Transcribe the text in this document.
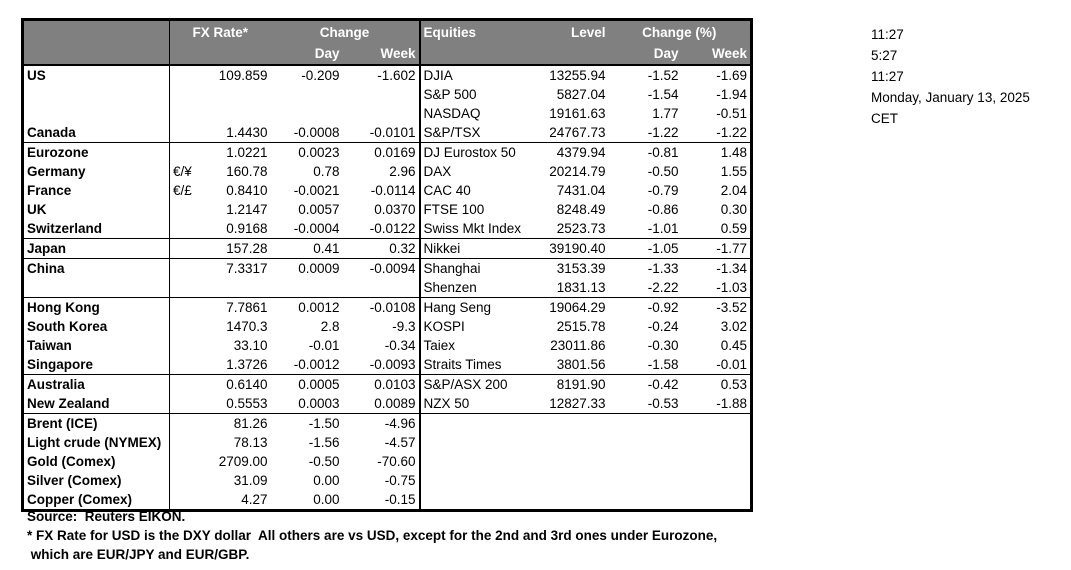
	FX Rate*		Change		Equities	Level	Change (%)	
			Day	Week			Day	Week
US		109.859	-0.209	-1.602	DJIA	13255.94	-1.52	-1.69
					S&P 500	5827.04	-1.54	-1.94
					NASDAQ	19161.63	1.77	-0.51
Canada		1.4430	-0.0008	-0.0101	S&P/TSX	24767.73	-1.22	-1.22
Eurozone		1.0221	0.0023	0.0169	DJ Eurostox 50	4379.94	-0.81	1.48
Germany	€/¥	160.78	0.78	2.96	DAX	20214.79	-0.50	1.55
France	€/£	0.8410	-0.0021	-0.0114	CAC 40	7431.04	-0.79	2.04
UK		1.2147	0.0057	0.0370	FTSE 100	8248.49	-0.86	0.30
Switzerland		0.9168	-0.0004	-0.0122	Swiss Mkt Index	2523.73	-1.01	0.59
Japan		157.28	0.41	0.32	Nikkei	39190.40	-1.05	-1.77
China		7.3317	0.0009	-0.0094	Shanghai	3153.39	-1.33	-1.34
					Shenzen	1831.13	-2.22	-1.03
Hong Kong		7.7861	0.0012	-0.0108	Hang Seng	19064.29	-0.92	-3.52
South Korea		1470.3	2.8	-9.3	KOSPI	2515.78	-0.24	3.02
Taiwan		33.10	-0.01	-0.34	Taiex	23011.86	-0.30	0.45
Singapore		1.3726	-0.0012	-0.0093	Straits Times	3801.56	-1.58	-0.01
Australia		0.6140	0.0005	0.0103	S&P/ASX 200	8191.90	-0.42	0.53
New Zealand		0.5553	0.0003	0.0089	NZX 50	12827.33	-0.53	-1.88
Brent (ICE)		81.26	-1.50	-4.96				
Light crude (NYMEX)		78.13	-1.56	-4.57				
Gold (Comex)		2709.00	-0.50	-70.60				
Silver (Comex)		31.09	0.00	-0.75				
Copper (Comex)		4.27	0.00	-0.15				
11:27
5:27
11:27
Monday, January 13, 2025
CET
Source:  Reuters EIKON.
* FX Rate for USD is the DXY dollar  All others are vs USD, except for the 2nd and 3rd ones under Eurozone,
which are EUR/JPY and EUR/GBP.
